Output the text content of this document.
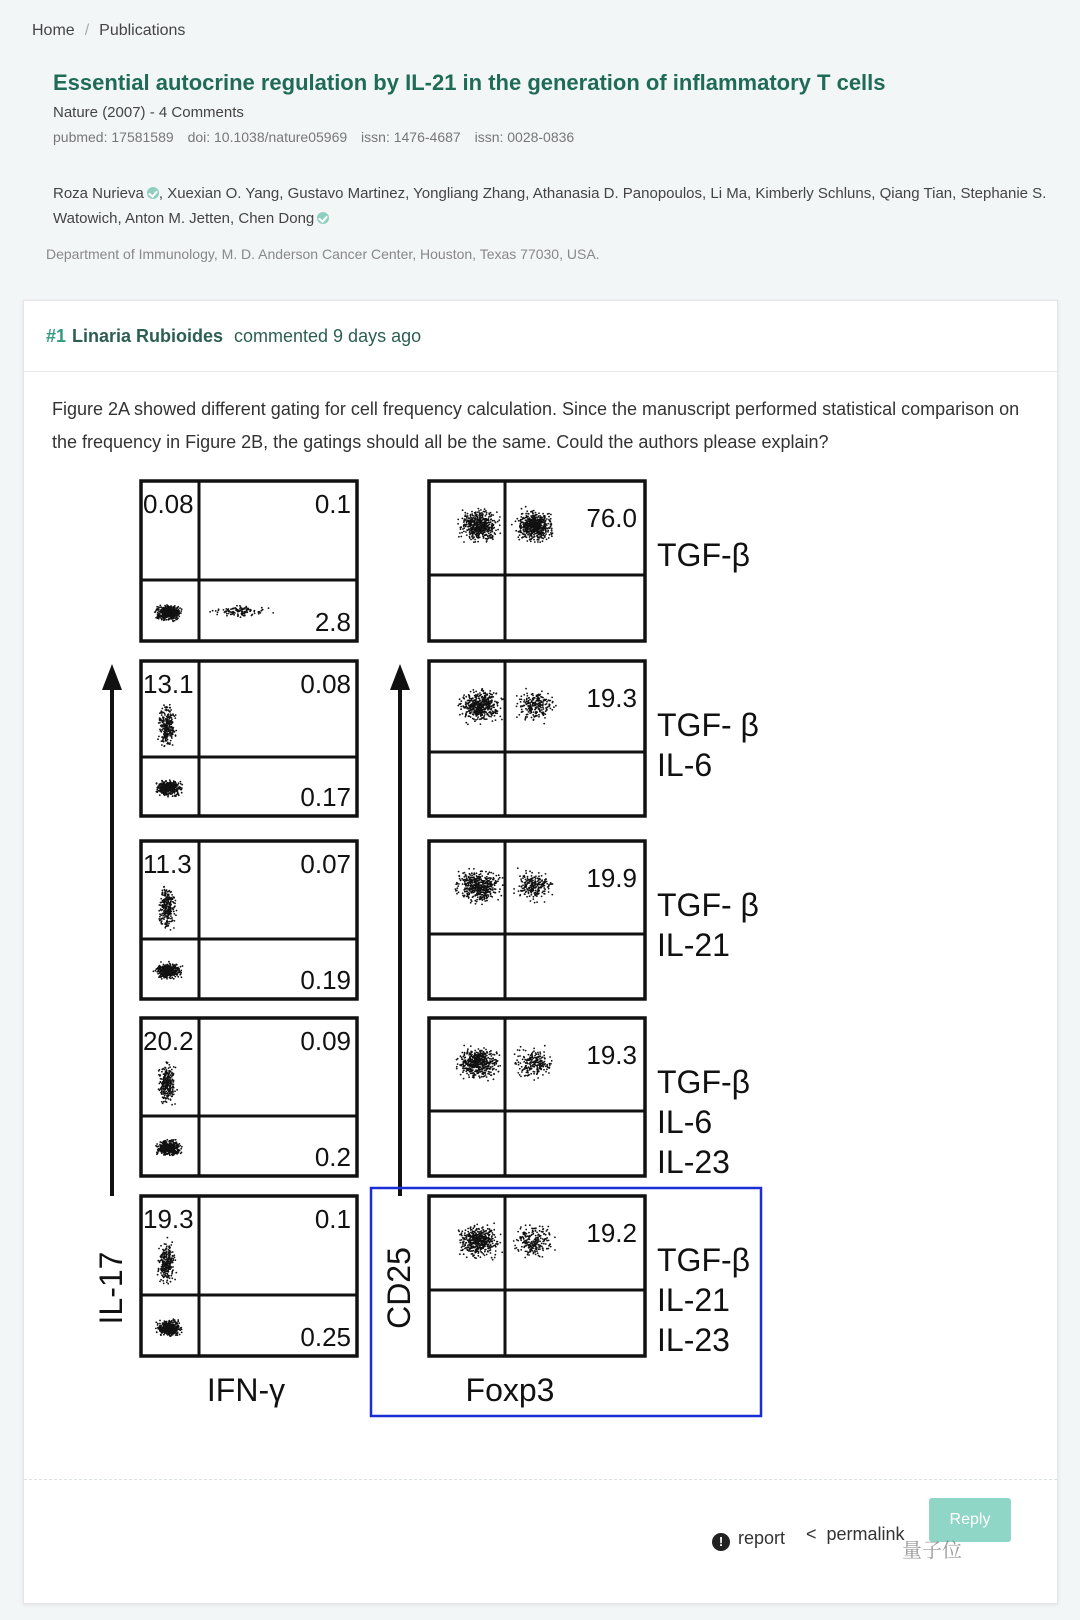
Home / Publications
Essential autocrine regulation by IL-21 in the generation of inflammatory T cells
Nature (2007) - 4 Comments
pubmed: 17581589 doi: 10.1038/nature05969 issn: 1476-4687 issn: 0028-0836
Roza Nurieva , Xuexian O. Yang, Gustavo Martinez, Yongliang Zhang, Athanasia D. Panopoulos, Li Ma, Kimberly Schluns, Qiang Tian, Stephanie S. Watowich, Anton M. Jetten, Chen Dong
Department of Immunology, M. D. Anderson Cancer Center, Houston, Texas 77030, USA.
#1 Linaria Rubioides commented 9 days ago
Figure 2A showed different gating for cell frequency calculation. Since the manuscript performed statistical comparison on the frequency in Figure 2B, the gatings should all be the same. Could the authors please explain?
0.08	0.1
2.8
13.1	0.08
0.17
11.3	0.07
0.19
20.2	0.09
0.2
19.3	0.1
0.25
76.0
TGF-β
19.3
TGF- β
IL-6
19.9
TGF- β
IL-21
19.3
TGF-β
IL-6
IL-23
19.2
TGF-β
IL-21
IL-23
IL-17
IFN-γ
CD25
Foxp3
! report < permalink
Reply
量子位
